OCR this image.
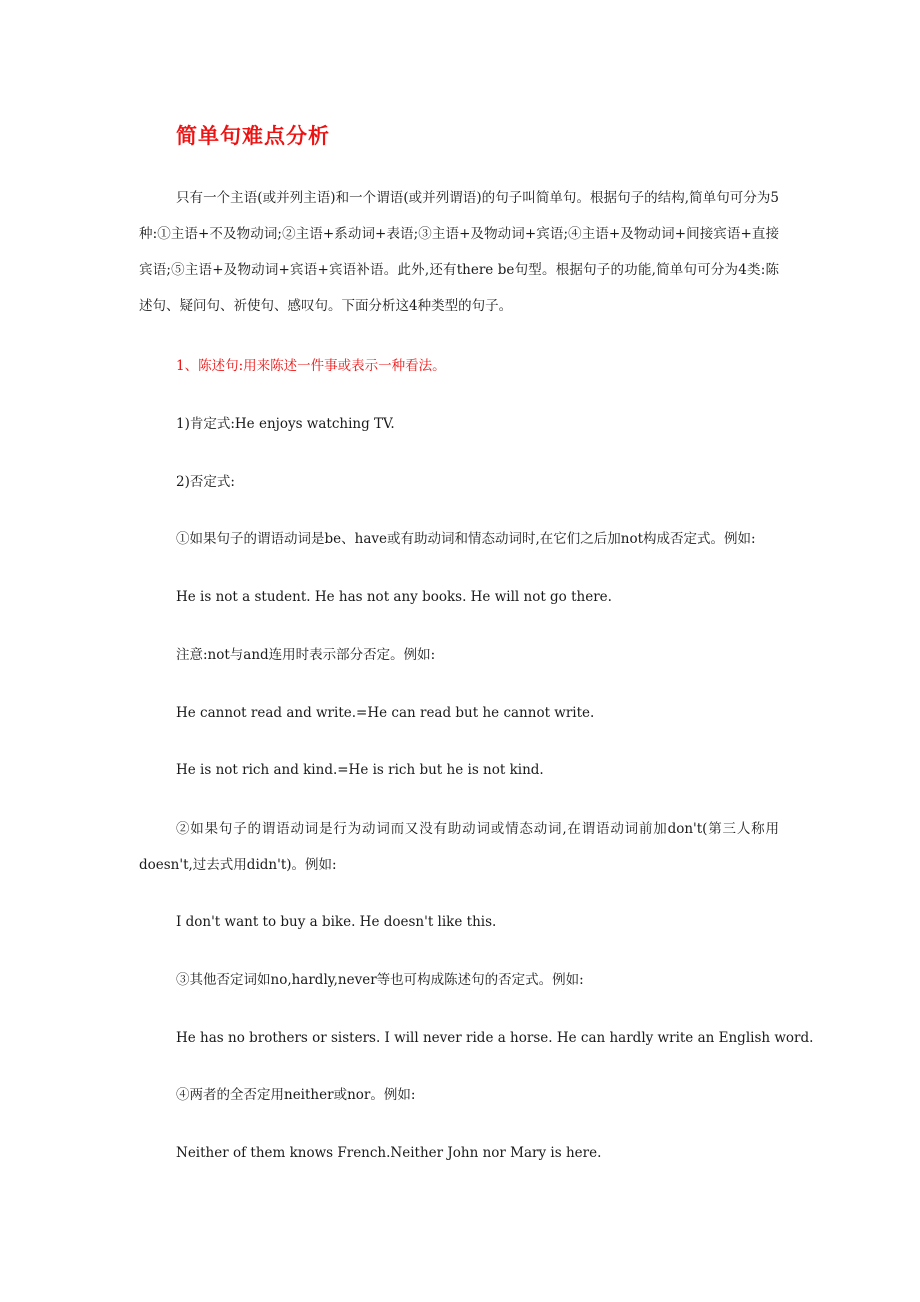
简单句难点分析
只有一个主语(或并列主语)和一个谓语(或并列谓语)的句子叫简单句。根据句子的结构,简单句可分为5种:①主语+不及物动词;②主语+系动词+表语;③主语+及物动词+宾语;④主语+及物动词+间接宾语+直接宾语;⑤主语+及物动词+宾语+宾语补语。此外,还有there be句型。根据句子的功能,简单句可分为4类:陈述句、疑问句、祈使句、感叹句。下面分析这4种类型的句子。
1、陈述句:用来陈述一件事或表示一种看法。
1)肯定式:He enjoys watching TV.
2)否定式:
①如果句子的谓语动词是be、have或有助动词和情态动词时,在它们之后加not构成否定式。例如:
He is not a student. He has not any books. He will not go there.
注意:not与and连用时表示部分否定。例如:
He cannot read and write.=He can read but he cannot write.
He is not rich and kind.=He is rich but he is not kind.
②如果句子的谓语动词是行为动词而又没有助动词或情态动词,在谓语动词前加don't(第三人称用doesn't,过去式用didn't)。例如:
I don't want to buy a bike. He doesn't like this.
③其他否定词如no,hardly,never等也可构成陈述句的否定式。例如:
He has no brothers or sisters. I will never ride a horse. He can hardly write an English word.
④两者的全否定用neither或nor。例如:
Neither of them knows French.Neither John nor Mary is here.
